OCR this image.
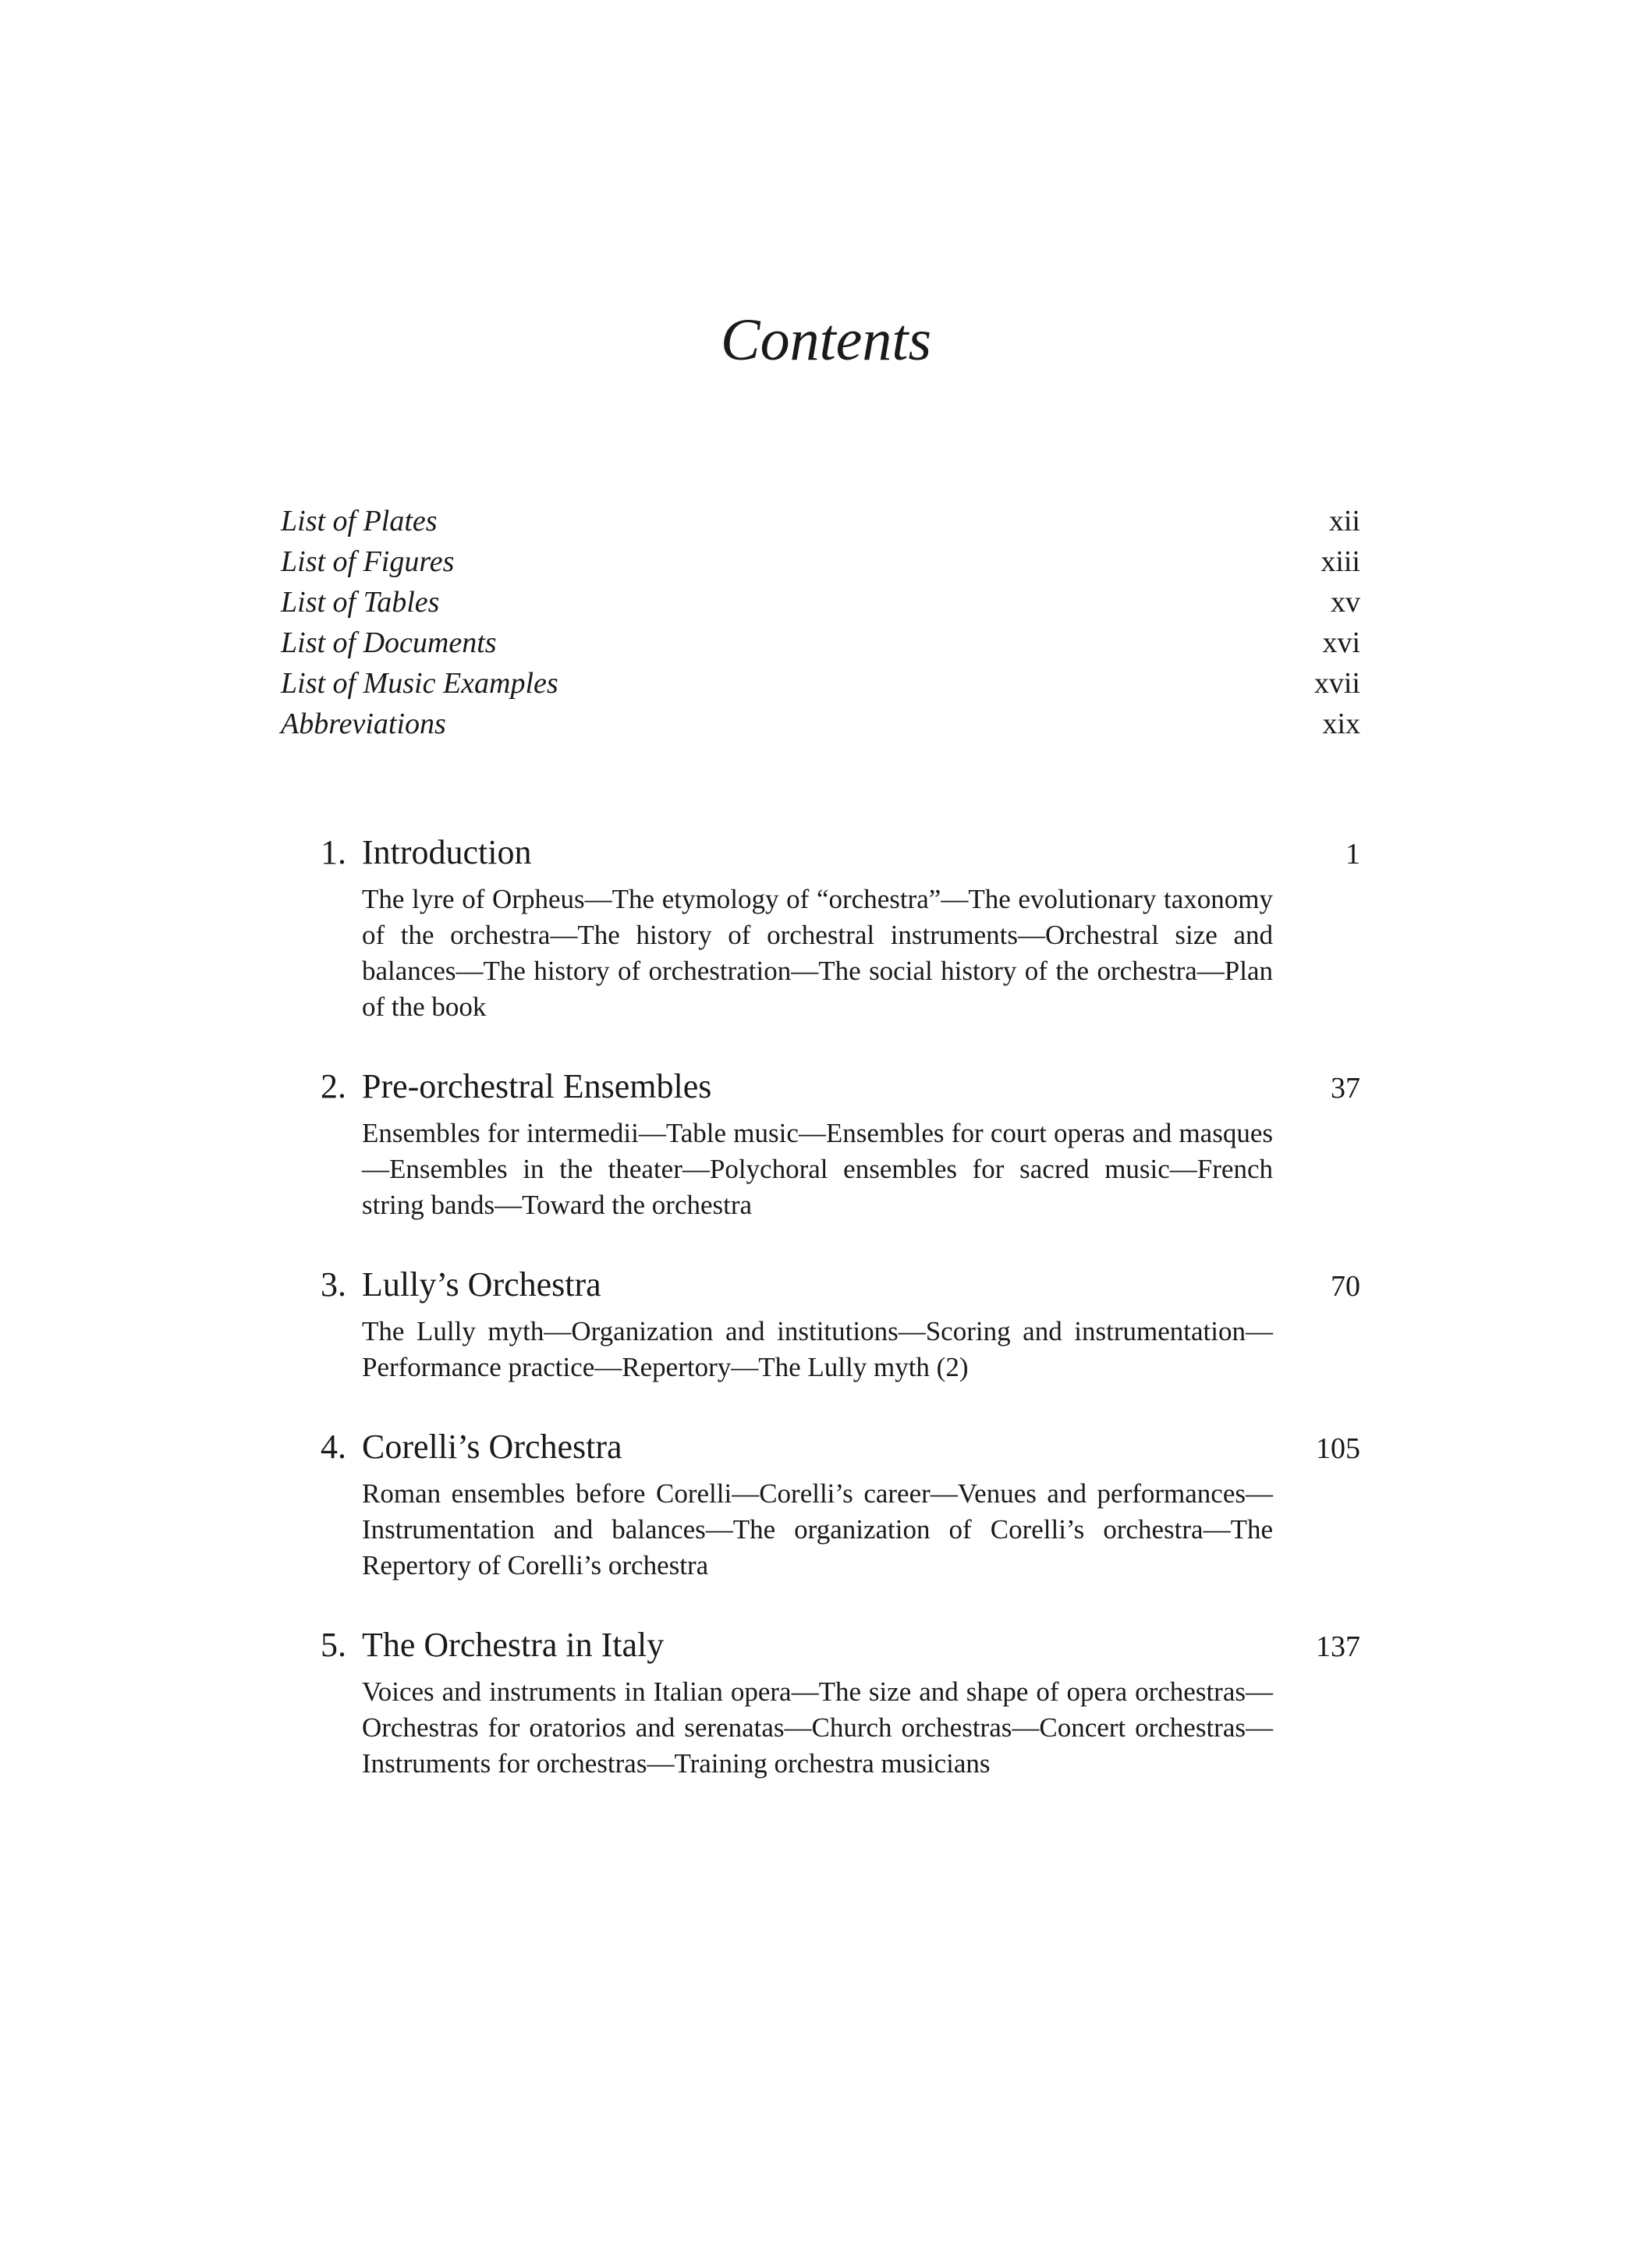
Contents
List of Plates	xii
List of Figures	xiii
List of Tables	xv
List of Documents	xvi
List of Music Examples	xvii
Abbreviations	xix
1. Introduction	1

The lyre of Orpheus—The etymology of “orchestra”—The evolutionary taxonomy of the orchestra—The history of orchestral instruments—Orchestral size and balances—The history of orchestration—The social history of the orchestra—Plan of the book

2. Pre-orchestral Ensembles	37

Ensembles for intermedii—Table music—Ensembles for court operas and masques—Ensembles in the theater—Polychoral ensembles for sacred music—French string bands—Toward the orchestra

3. Lully’s Orchestra	70

The Lully myth—Organization and institutions—Scoring and instrumentation—Performance practice—Repertory—The Lully myth (2)

4. Corelli’s Orchestra	105

Roman ensembles before Corelli—Corelli’s career—Venues and performances—Instrumentation and balances—The organization of Corelli’s orchestra—The Repertory of Corelli’s orchestra

5. The Orchestra in Italy	137

Voices and instruments in Italian opera—The size and shape of opera orchestras—Orchestras for oratorios and serenatas—Church orchestras—Concert orchestras—Instruments for orchestras—Training orchestra musicians
